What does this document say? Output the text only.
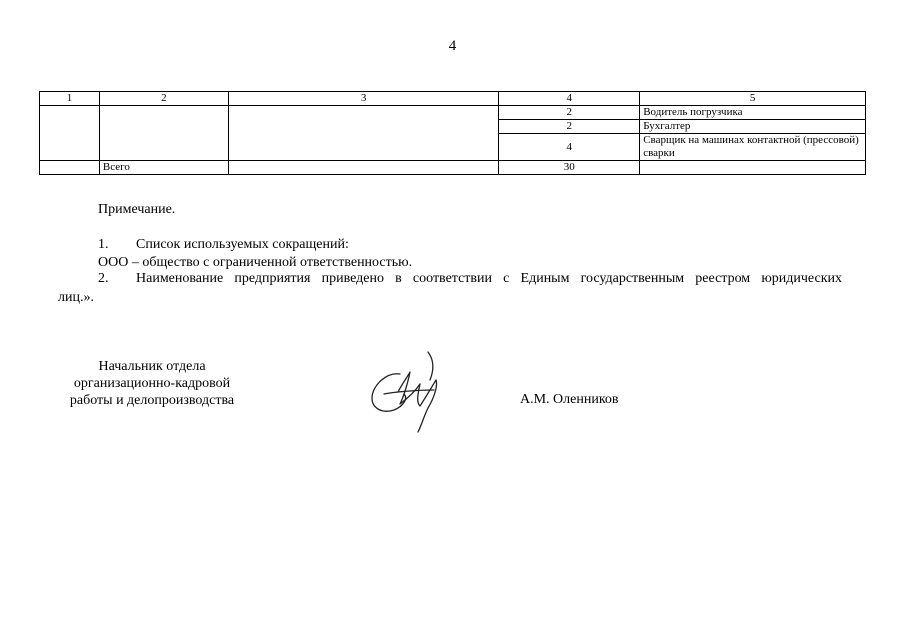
4
1	2	3	4	5
			2	Водитель погрузчика
			2	Бухгалтер
			4	Сварщик на машинах контактной (прессовой) сварки
	Всего		30	
Примечание.
1.	Список используемых сокращений:
ООО – общество с ограниченной ответственностью.
2.	Наименование предприятия приведено в соответствии с Единым государственным реестром юридических
лиц.».
Начальник отдела
организационно-кадровой
работы и делопроизводства	А.М. Оленников
